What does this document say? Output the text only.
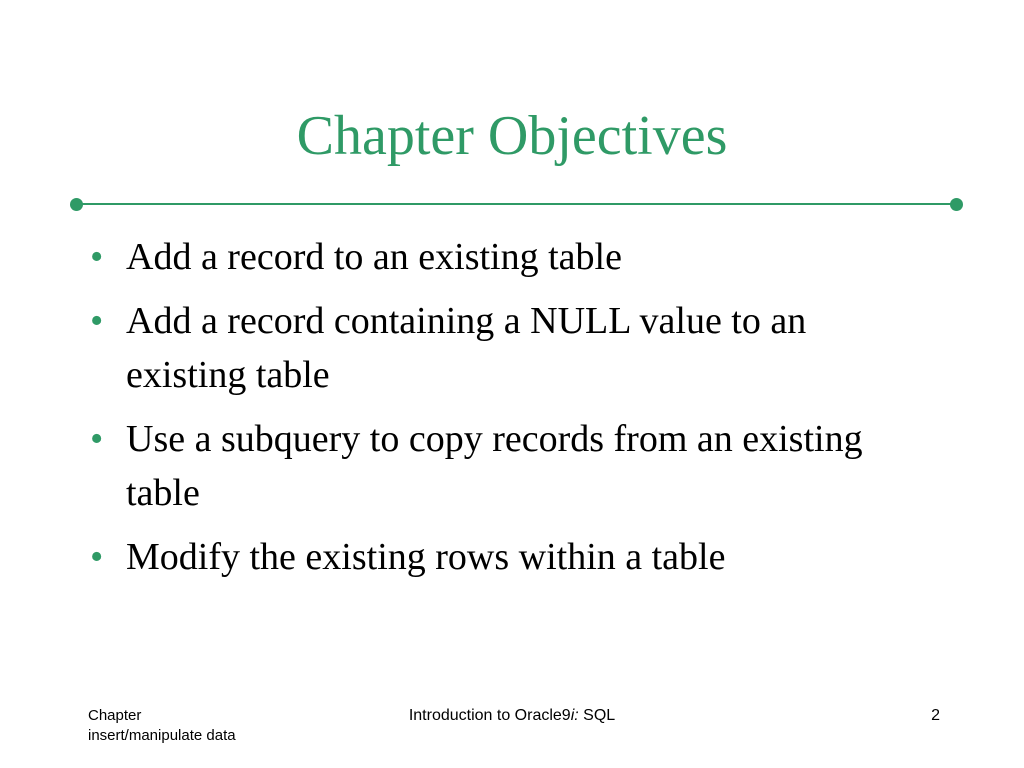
Chapter Objectives
• Add a record to an existing table
• Add a record containing a NULL value to an existing table
• Use a subquery to copy records from an existing table
• Modify the existing rows within a table
Chapter
insert/manipulate data
Introduction to Oracle9i: SQL	2
